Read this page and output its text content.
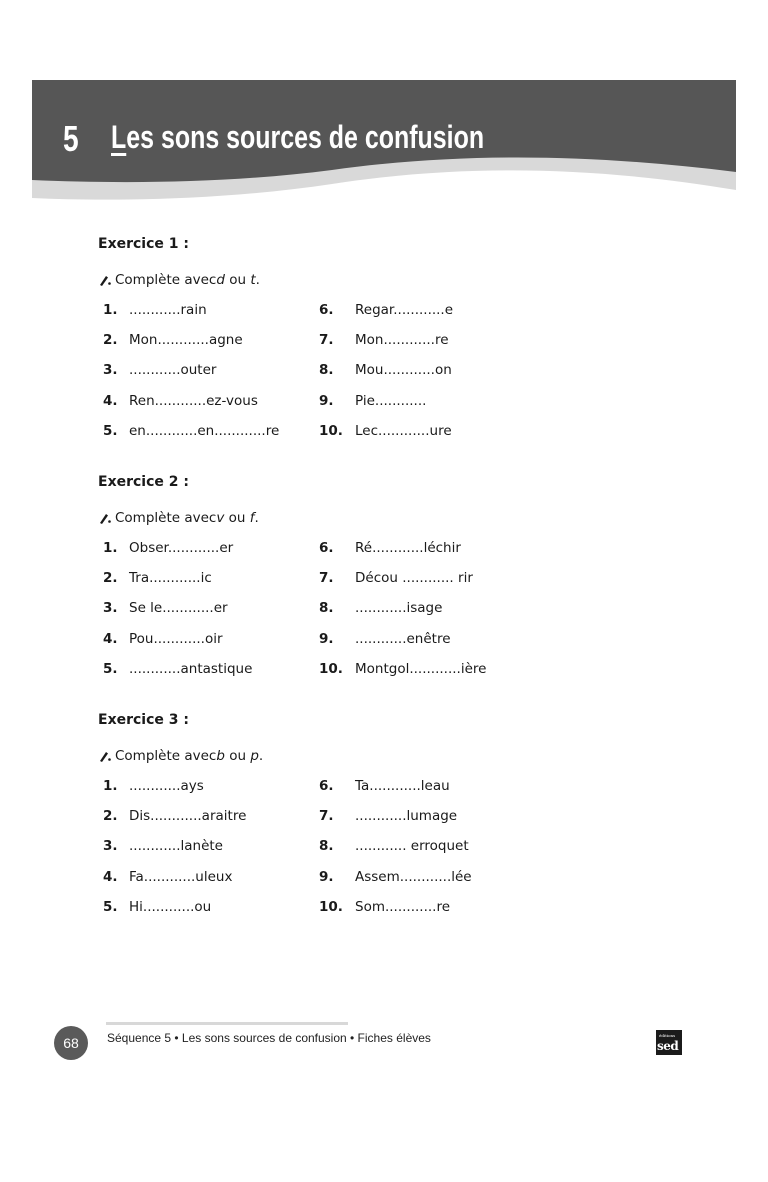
5 Les sons sources de confusion
Exercice 1 :
Complète avec d ou t .
1. ............rain
2. Mon............agne
3. ............outer
4. Ren............ez-vous
5. en............en............re
6. Regar............e
7. Mon............re
8. Mou............on
9. Pie............
10. Lec............ure
Exercice 2 :
Complète avec v ou f .
1. Obser............er
2. Tra............ic
3. Se le............er
4. Pou............oir
5. ............antastique
6. Ré............léchir
7. Décou ............ rir
8. ............isage
9. ............enêtre
10. Montgol............ière
Exercice 3 :
Complète avec b ou p .
1. ............ays
2. Dis............araitre
3. ............lanète
4. Fa............uleux
5. Hi............ou
6. Ta............leau
7. ............lumage
8. ............ erroquet
9. Assem............lée
10. Som............re
68	Séquence 5 • Les sons sources de confusion • Fiches élèves	éditions
sed
